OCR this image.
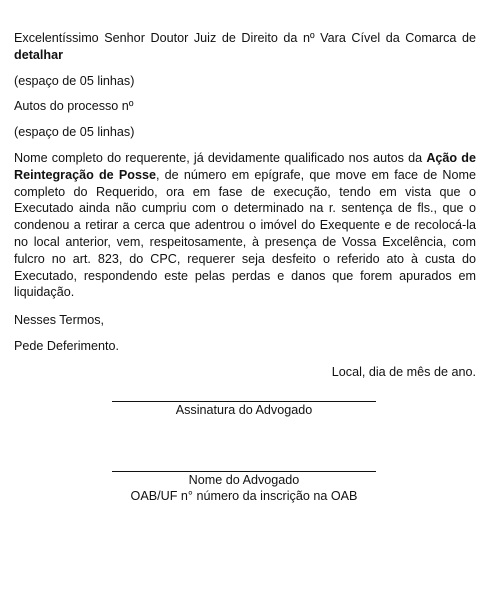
Excelentíssimo Senhor Doutor Juiz de Direito da nº Vara Cível da Comarca de detalhar

(espaço de 05 linhas)

Autos do processo nº

(espaço de 05 linhas)

Nome completo do requerente, já devidamente qualificado nos autos da Ação de Reintegração de Posse, de número em epígrafe, que move em face de Nome completo do Requerido, ora em fase de execução, tendo em vista que o Executado ainda não cumpriu com o determinado na r. sentença de fls., que o condenou a retirar a cerca que adentrou o imóvel do Exequente e de recolocá-la no local anterior, vem, respeitosamente, à presença de Vossa Excelência, com fulcro no art. 823, do CPC, requerer seja desfeito o referido ato à custa do Executado, respondendo este pelas perdas e danos que forem apurados em liquidação.

Nesses Termos,

Pede Deferimento.

Local, dia de mês de ano.

Assinatura do Advogado

Nome do Advogado

OAB/UF n° número da inscrição na OAB
